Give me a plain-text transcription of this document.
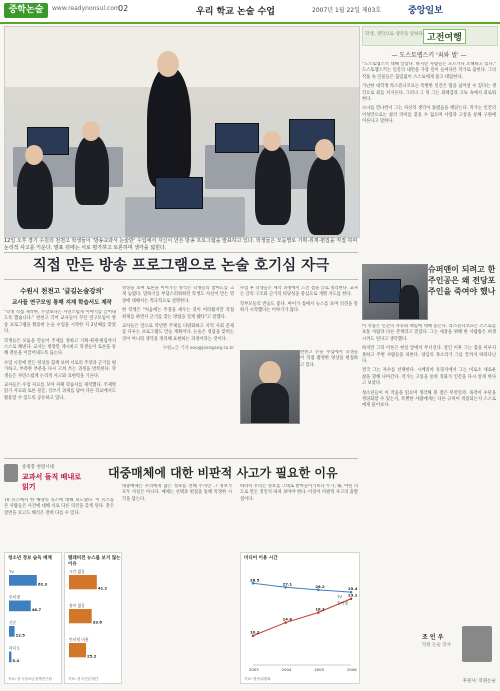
중학논술	www.readynonsul.com
02	우리 학교 논술 수업	2007년 1월 22일 제03호	중앙일보
12일 오후 경기 수원의 천천고 학생들이 '방송교과서 논술반' 수업에서 자신이 만든 방송 프로그램을 발표하고 있다. 학생들은 모둠별로 기획·취재·편집을 직접 하며 논리적 사고를 키운다. 발표 뒤에는 서로 평가하고 토론하며 생각을 넓힌다.
직접 만든 방송 프로그램으로 논술 호기심 자극
수원시 천천고 '글길논술강의'
교사들 연구모임 통해 지재 학습서도 제작

"학생 직접 제작한, 주장보다는 자연스럽게 이야기를 끌어내도록 했습니다." 천천고 국어 교사들이 꾸린 연구모임이 방송 프로그램을 활용한 논술 수업을 시작한 지 2년째를 맞았다.

학생들은 모둠을 만들어 주제를 정하고 기획·취재·편집까지 스스로 해낸다. 교사는 방향만 제시하고 학생들이 토론을 통해 결론을 이끌어내도록 돕는다.

수업 시간에 만든 영상을 함께 보며 서로의 주장과 근거를 평가하고, 부족한 부분을 다시 고쳐 쓰는 과정을 반복한다. 학생들은 자연스럽게 논리적 사고와 표현력을 기른다.

교사들은 수업 자료를 모아 자체 학습서를 제작했다. 주제별 읽기 자료와 토론 질문, 글쓰기 과제를 담아 다른 학교에서도 활용할 수 있도록 공유하고 있다.

영상을 보며 토론을 이어가는 방식은 학생들의 참여도를 크게 높였다. 말하기를 부담스러워하던 학생도 자신이 만든 영상에 대해서는 적극적으로 설명한다.

한 학생은 "처음에는 주장을 세우는 것이 어려웠지만 직접 취재를 하면서 근거를 찾는 방법을 알게 됐다"고 말했다.

교사들은 앞으로 학년별 주제를 다양화하고 지역 사회 문제를 다루는 프로그램도 만들 계획이다. 논술은 정답을 맞히는 것이 아니라 생각을 정리해 표현하는 과정이라는 것이다.

수원=글 기자 ooo@joongang.co.kr

수업 후 학생들은 제작 과정에서 느낀 점을 글로 정리한다. 교사는 글의 구조와 근거의 타당성을 중심으로 개별 지도를 한다.

학부모들의 반응도 좋다. 아이가 집에서 뉴스를 보며 의견을 말하기 시작했다는 이야기가 많다.

천천고 논술 수업에서 학생들이 직접 촬영한 영상을 편집하고 있다.
송정봉 천령시대
교과서 돌직 배내로 읽기
대중매체에 대한 비판적 사고가 필요한 이유

TV 뉴스에서 한 해양의 뉴스에 대해 보도했다. 이 뉴스를 본 사람들은 사건에 대해 서로 다른 의견을 갖게 된다. 같은 장면을 보고도 해석은 전혀 다를 수 있다.

대중매체는 우리에게 많은 정보를 전해 주지만 그 정보가 모두 사실은 아니다. 매체는 선택과 편집을 통해 특정한 시각을 담는다.

따라서 우리는 정보를 그대로 받아들이기보다 누가, 왜, 어떤 의도로 만든 것인지 따져 보아야 한다. 이것이 비판적 사고의 출발점이다.

청소년 정보 습득 매체
TV
62.3
인터넷
48.7
신문
12.5
라디오
5.4
자료: 한국청소년정책연구원
텔레비전 뉴스를 보지 않는 이유
시간 없음
41.2
흥미 없음
33.6
인터넷 이용
25.2
자료: 한국언론재단
미디어 이용 시간
2003	2004	2005	2006
28.5
27.1
26.2	25.4
TV
10.2
14.8
18.3
23.1
인터넷
자료: 방송위원회
학생, 생각으로 생각을 말하다 고전여행
— 도스토옙스키 '죄와 벌' —

"도스토옙스키 대해 알았다. 하지만 사람들은 모르거나 오해하고 있다." 도스토옙스키는 인간의 내면을 가장 깊이 들여다본 작가로 꼽힌다. 그의 작품 속 인물들은 끊임없이 스스로에게 묻고 대답한다.

가난한 대학생 라스콜니코프는 특별한 인간은 법을 넘어설 수 있다는 생각으로 죄를 저지른다. 그러나 그 뒤 그는 죄책감과 고독 속에서 괴로워한다.

소냐를 만나면서 그는 자신의 생각이 틀렸음을 깨닫는다. 작가는 인간의 이성만으로는 삶의 의미를 찾을 수 없으며 사랑과 고통을 통해 구원에 이른다고 말한다.

슈퍼맨이 되려고 한 주인공은 왜 전당포 주인을 죽여야 했나

이 작품은 인간의 자유와 책임에 대해 묻는다. 라스콜니코프는 스스로를 보통 사람과 다른 존재라고 믿었다. 그는 세상을 위해 한 사람쯤은 희생시켜도 된다고 생각했다.

하지만 그의 이론은 현실 앞에서 무너진다. 살인 이후 그는 잠을 이루지 못하고 주변 사람들을 피한다. 양심의 목소리가 그를 끝까지 따라다닌다.

결국 그는 자수를 선택한다. 시베리아 유형지에서 그는 비로소 새로운 삶을 향해 나아간다. 작가는 고통을 통한 정화가 인간을 다시 살게 한다고 보았다.

청소년들이 이 작품을 읽으며 생각해 볼 점은 무엇일까. 목적이 수단을 정당화할 수 있는지, 특별한 사람에게는 다른 규칙이 적용되는지 스스로에게 물어보자.

조 인 우
학원 논술 강사
후원사: 학원논술
